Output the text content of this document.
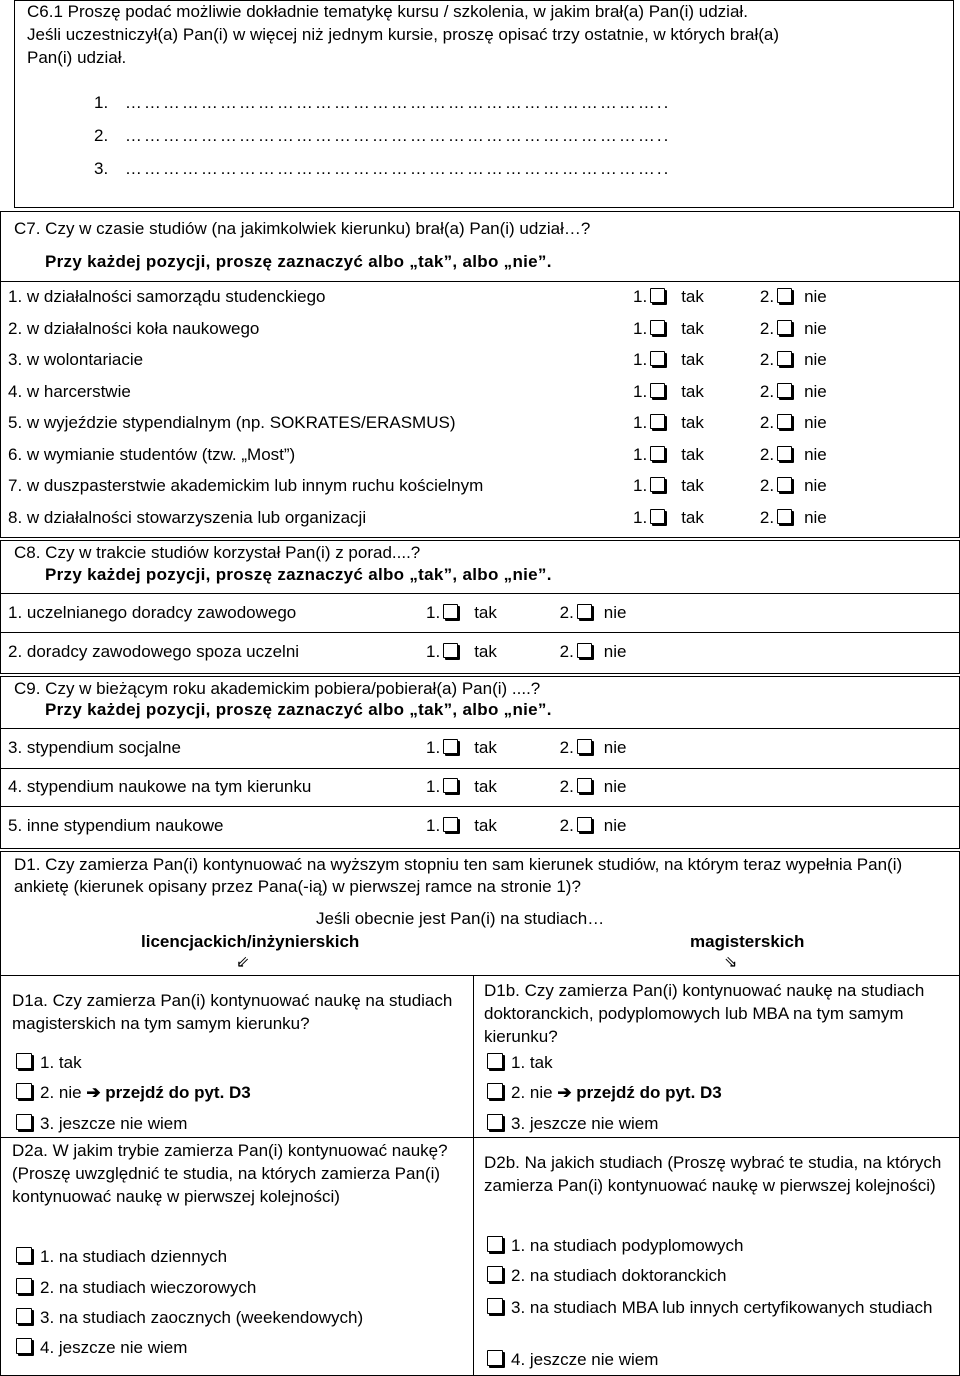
C6.1 Proszę podać możliwie dokładnie tematykę kursu / szkolenia, w jakim brał(a) Pan(i) udział.
Jeśli uczestniczył(a) Pan(i) w więcej niż jednym kursie, proszę opisać trzy ostatnie, w których brał(a)
Pan(i) udział.
1. …………………………………………………………………………..
2. …………………………………………………………………………..
3. …………………………………………………………………………..
C7. Czy w czasie studiów (na jakimkolwiek kierunku) brał(a) Pan(i) udział…?
Przy każdej pozycji, proszę zaznaczyć albo „tak”, albo „nie”.
1. w działalności samorządu studenckiego	1. tak	2. nie
2. w działalności koła naukowego	1. tak	2. nie
3. w wolontariacie	1. tak	2. nie
4. w harcerstwie	1. tak	2. nie
5. w wyjeździe stypendialnym (np. SOKRATES/ERASMUS)	1. tak	2. nie
6. w wymianie studentów (tzw. „Most”)	1. tak	2. nie
7. w duszpasterstwie akademickim lub innym ruchu kościelnym	1. tak	2. nie
8. w działalności stowarzyszenia lub organizacji	1. tak	2. nie
C8. Czy w trakcie studiów korzystał Pan(i) z porad....?
Przy każdej pozycji, proszę zaznaczyć albo „tak”, albo „nie”.
1. uczelnianego doradcy zawodowego	1. tak	2. nie
2. doradcy zawodowego spoza uczelni	1. tak	2. nie
C9. Czy w bieżącym roku akademickim pobiera/pobierał(a) Pan(i) ....?
Przy każdej pozycji, proszę zaznaczyć albo „tak”, albo „nie”.
3. stypendium socjalne	1. tak	2. nie
4. stypendium naukowe na tym kierunku	1. tak	2. nie
5. inne stypendium naukowe	1. tak	2. nie
D1. Czy zamierza Pan(i) kontynuować na wyższym stopniu ten sam kierunek studiów, na którym teraz wypełnia Pan(i) ankietę (kierunek opisany przez Pana(-ią) w pierwszej ramce na stronie 1)?
Jeśli obecnie jest Pan(i) na studiach…
licencjackich/inżynierskich	magisterskich
⇙	⇘
D1a. Czy zamierza Pan(i) kontynuować naukę na studiach magisterskich na tym samym kierunku?
1. tak
2. nie ➔ przejdź do pyt. D3
3. jeszcze nie wiem
D1b. Czy zamierza Pan(i) kontynuować naukę na studiach doktoranckich, podyplomowych lub MBA na tym samym kierunku?
1. tak
2. nie ➔ przejdź do pyt. D3
3. jeszcze nie wiem
D2a. W jakim trybie zamierza Pan(i) kontynuować naukę? (Proszę uwzględnić te studia, na których zamierza Pan(i) kontynuować naukę w pierwszej kolejności)
1. na studiach dziennych
2. na studiach wieczorowych
3. na studiach zaocznych (weekendowych)
4. jeszcze nie wiem
D2b. Na jakich studiach (Proszę wybrać te studia, na których zamierza Pan(i) kontynuować naukę w pierwszej kolejności)
1. na studiach podyplomowych
2. na studiach doktoranckich
3. na studiach MBA lub innych certyfikowanych studiach
4. jeszcze nie wiem
